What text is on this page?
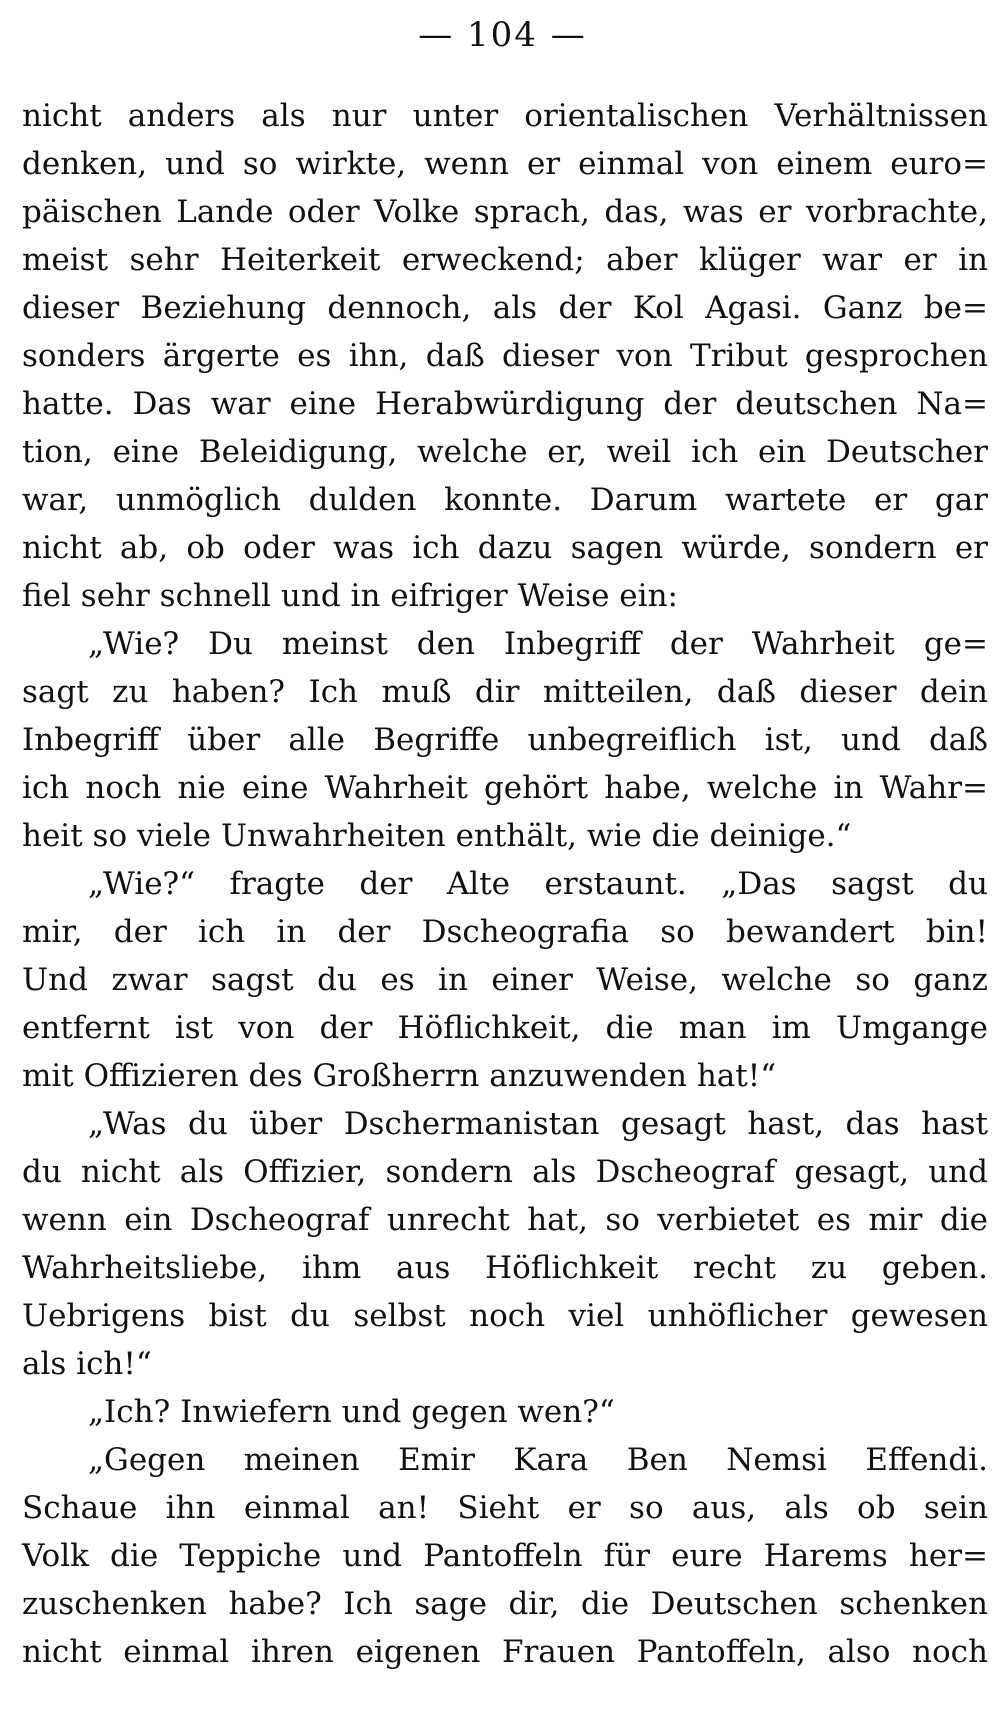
— 104 —
nicht anders als nur unter orientalischen Verhältnissen
denken, und so wirkte, wenn er einmal von einem euro=
päischen Lande oder Volke sprach, das, was er vorbrachte,
meist sehr Heiterkeit erweckend; aber klüger war er in
dieser Beziehung dennoch, als der Kol Agasi. Ganz be=
sonders ärgerte es ihn, daß dieser von Tribut gesprochen
hatte. Das war eine Herabwürdigung der deutschen Na=
tion, eine Beleidigung, welche er, weil ich ein Deutscher
war, unmöglich dulden konnte. Darum wartete er gar
nicht ab, ob oder was ich dazu sagen würde, sondern er
fiel sehr schnell und in eifriger Weise ein:
„Wie? Du meinst den Inbegriff der Wahrheit ge=
sagt zu haben? Ich muß dir mitteilen, daß dieser dein
Inbegriff über alle Begriffe unbegreiflich ist, und daß
ich noch nie eine Wahrheit gehört habe, welche in Wahr=
heit so viele Unwahrheiten enthält, wie die deinige.“
„Wie?“ fragte der Alte erstaunt. „Das sagst du
mir, der ich in der Dscheografia so bewandert bin!
Und zwar sagst du es in einer Weise, welche so ganz
entfernt ist von der Höflichkeit, die man im Umgange
mit Offizieren des Großherrn anzuwenden hat!“
„Was du über Dschermanistan gesagt hast, das hast
du nicht als Offizier, sondern als Dscheograf gesagt, und
wenn ein Dscheograf unrecht hat, so verbietet es mir die
Wahrheitsliebe, ihm aus Höflichkeit recht zu geben.
Uebrigens bist du selbst noch viel unhöflicher gewesen
als ich!“
„Ich? Inwiefern und gegen wen?“
„Gegen meinen Emir Kara Ben Nemsi Effendi.
Schaue ihn einmal an! Sieht er so aus, als ob sein
Volk die Teppiche und Pantoffeln für eure Harems her=
zuschenken habe? Ich sage dir, die Deutschen schenken
nicht einmal ihren eigenen Frauen Pantoffeln, also noch
